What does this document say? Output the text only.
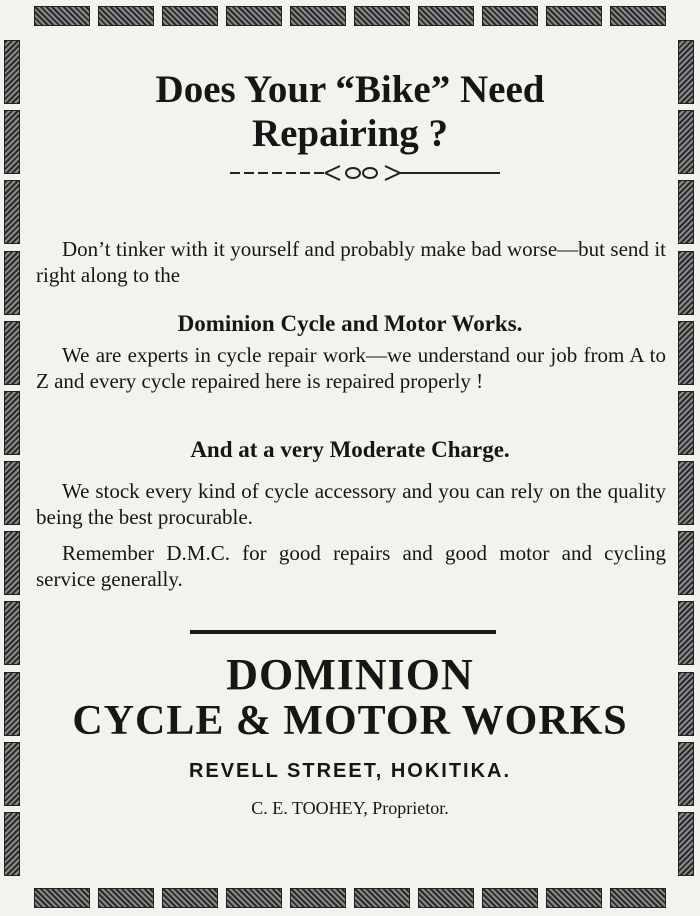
Does Your “Bike” Need
Repairing ?
Don’t tinker with it yourself and probably make bad worse—but send it right along to the
Dominion Cycle and Motor Works.
We are experts in cycle repair work—we understand our job from A to Z and every cycle repaired here is repaired properly !
And at a very Moderate Charge.
We stock every kind of cycle accessory and you can rely on the quality being the best procurable.
Remember D.M.C. for good repairs and good motor and cycling service generally.
DOMINION
CYCLE & MOTOR WORKS
REVELL STREET, HOKITIKA.
C. E. TOOHEY, Proprietor.
